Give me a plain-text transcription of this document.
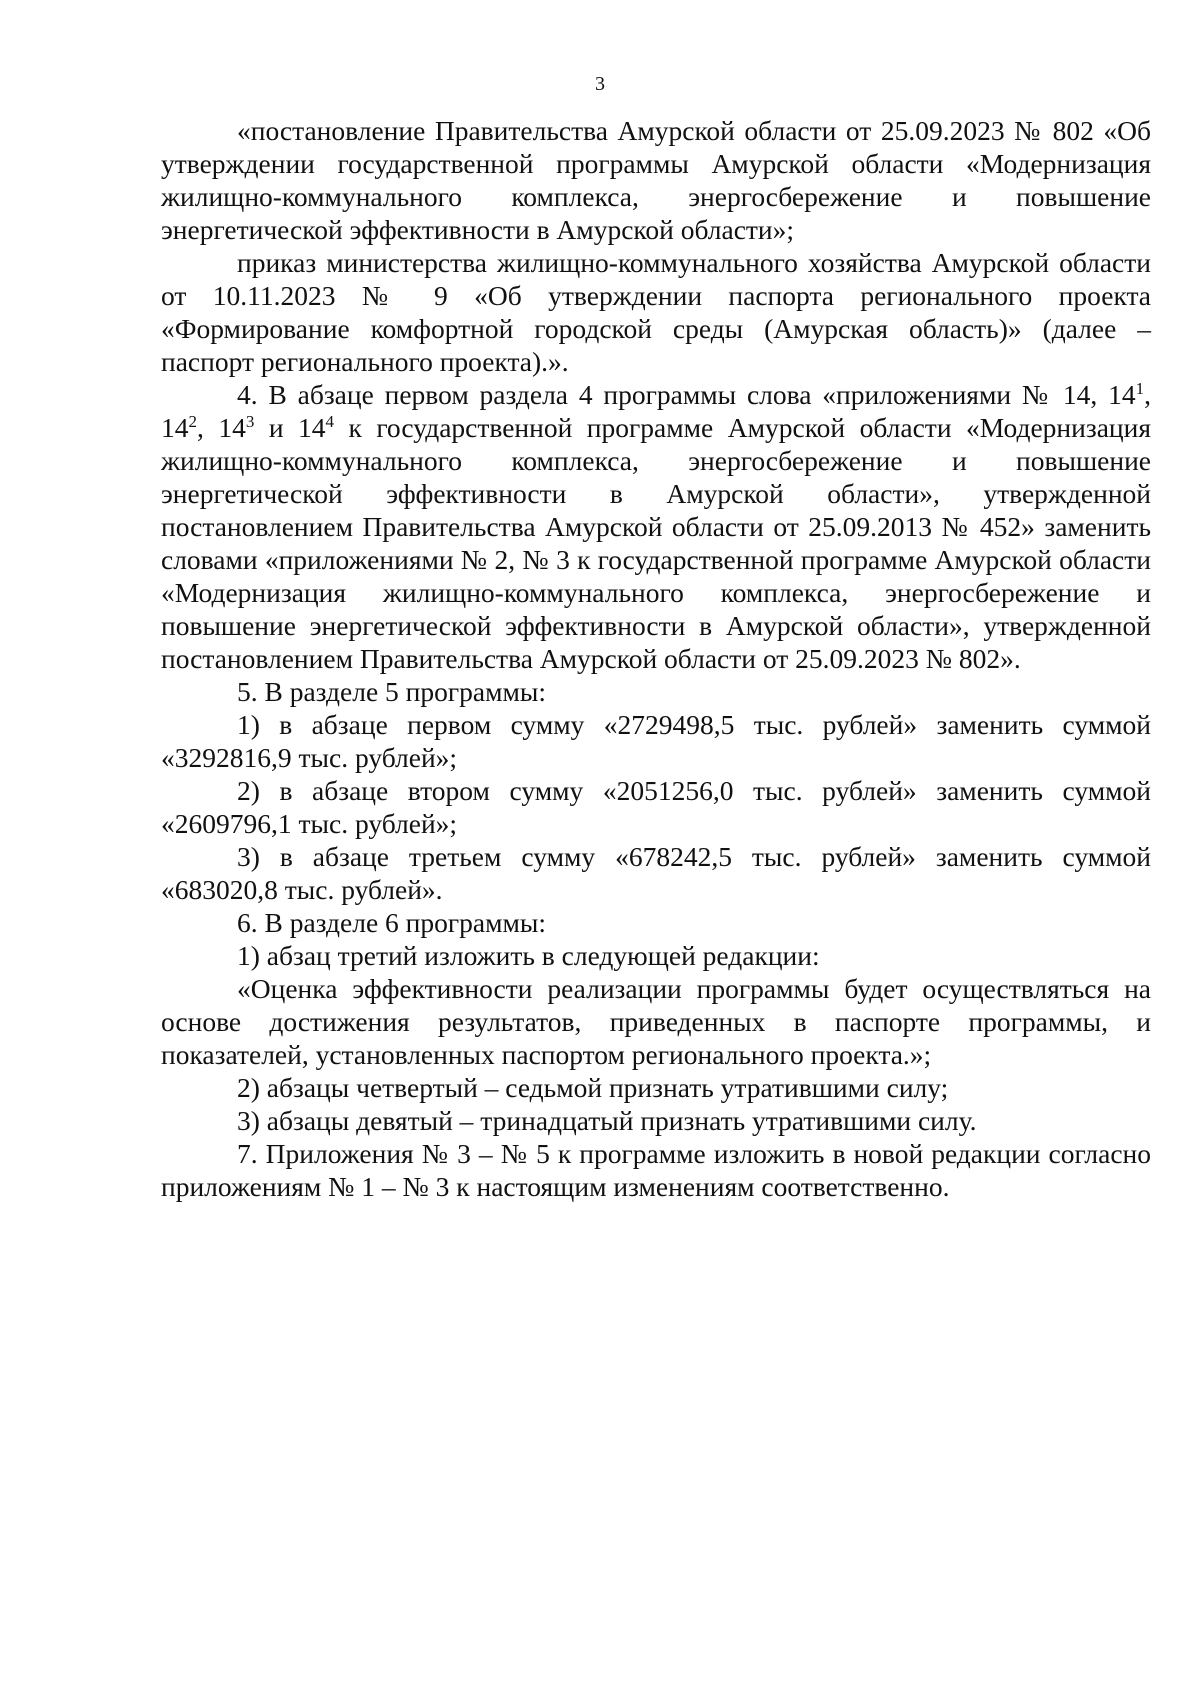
3

«постановление Правительства Амурской области от 25.09.2023 № 802 «Об утверждении государственной программы Амурской области «Модернизация жилищно-коммунального комплекса, энергосбережение и повышение энергетической эффективности в Амурской области»;

приказ министерства жилищно-коммунального хозяйства Амурской области от 10.11.2023 № 9 «Об утверждении паспорта регионального проекта «Формирование комфортной городской среды (Амурская область)» (далее – паспорт регионального проекта).».

4. В абзаце первом раздела 4 программы слова «приложениями № 14, $14^1$, $14^2$, $14^3$ и $14^4$ к государственной программе Амурской области «Модернизация жилищно-коммунального комплекса, энергосбережение и повышение энергетической эффективности в Амурской области», утвержденной постановлением Правительства Амурской области от 25.09.2013 № 452» заменить словами «приложениями № 2, № 3 к государственной программе Амурской области «Модернизация жилищно-коммунального комплекса, энергосбережение и повышение энергетической эффективности в Амурской области», утвержденной постановлением Правительства Амурской области от 25.09.2023 № 802».

5. В разделе 5 программы:

1) в абзаце первом сумму «2729498,5 тыс. рублей» заменить суммой «3292816,9 тыс. рублей»;

2) в абзаце втором сумму «2051256,0 тыс. рублей» заменить суммой «2609796,1 тыс. рублей»;

3) в абзаце третьем сумму «678242,5 тыс. рублей» заменить суммой «683020,8 тыс. рублей».

6. В разделе 6 программы:

1) абзац третий изложить в следующей редакции:

«Оценка эффективности реализации программы будет осуществляться на основе достижения результатов, приведенных в паспорте программы, и показателей, установленных паспортом регионального проекта.»;

2) абзацы четвертый – седьмой признать утратившими силу;

3) абзацы девятый – тринадцатый признать утратившими силу.

7. Приложения № 3 – № 5 к программе изложить в новой редакции согласно приложениям № 1 – № 3 к настоящим изменениям соответственно.
